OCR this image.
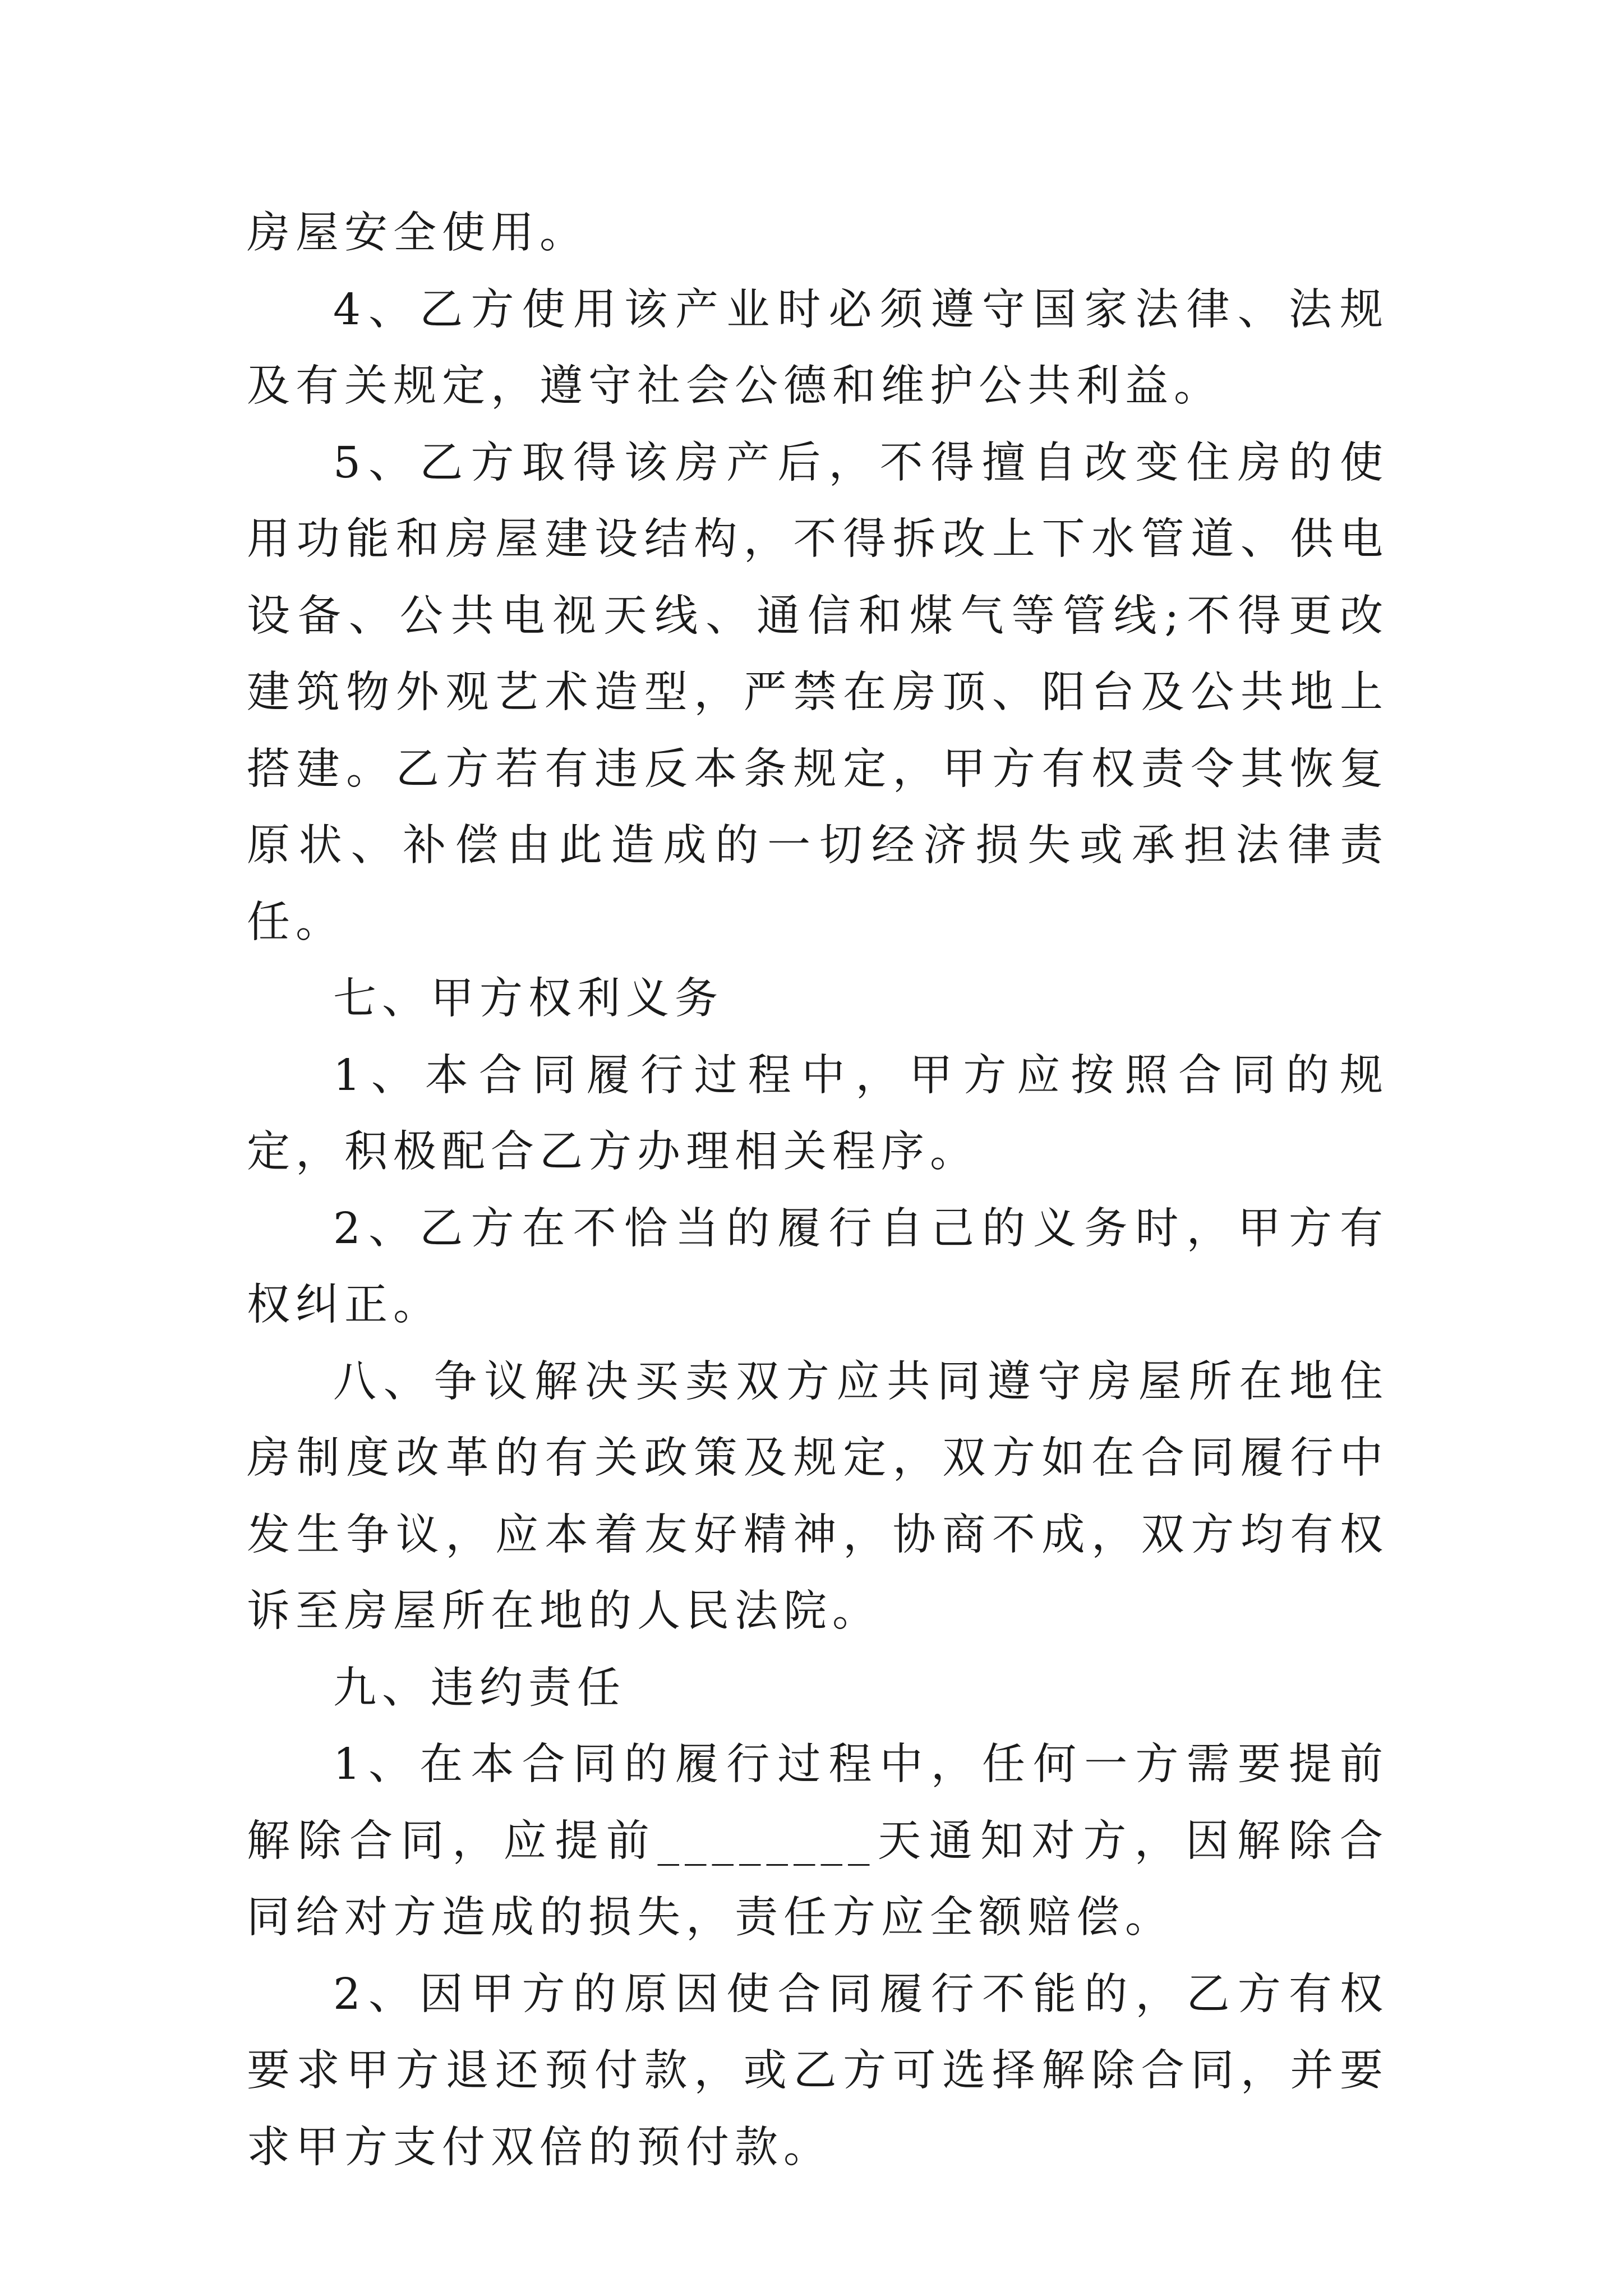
房屋安全使用。

4、乙方使用该产业时必须遵守国家法律、法规及有关规定，遵守社会公德和维护公共利益。

5、乙方取得该房产后，不得擅自改变住房的使用功能和房屋建设结构，不得拆改上下水管道、供电设备、公共电视天线、通信和煤气等管线;不得更改建筑物外观艺术造型，严禁在房顶、阳台及公共地上搭建。乙方若有违反本条规定，甲方有权责令其恢复原状、补偿由此造成的一切经济损失或承担法律责任。

七、甲方权利义务

1、本合同履行过程中，甲方应按照合同的规定，积极配合乙方办理相关程序。

2、乙方在不恰当的履行自己的义务时，甲方有权纠正。

八、争议解决买卖双方应共同遵守房屋所在地住房制度改革的有关政策及规定，双方如在合同履行中发生争议，应本着友好精神，协商不成，双方均有权诉至房屋所在地的人民法院。

九、违约责任

1、在本合同的履行过程中，任何一方需要提前解除合同，应提前________天通知对方，因解除合同给对方造成的损失，责任方应全额赔偿。

2、因甲方的原因使合同履行不能的，乙方有权要求甲方退还预付款，或乙方可选择解除合同，并要求甲方支付双倍的预付款。
